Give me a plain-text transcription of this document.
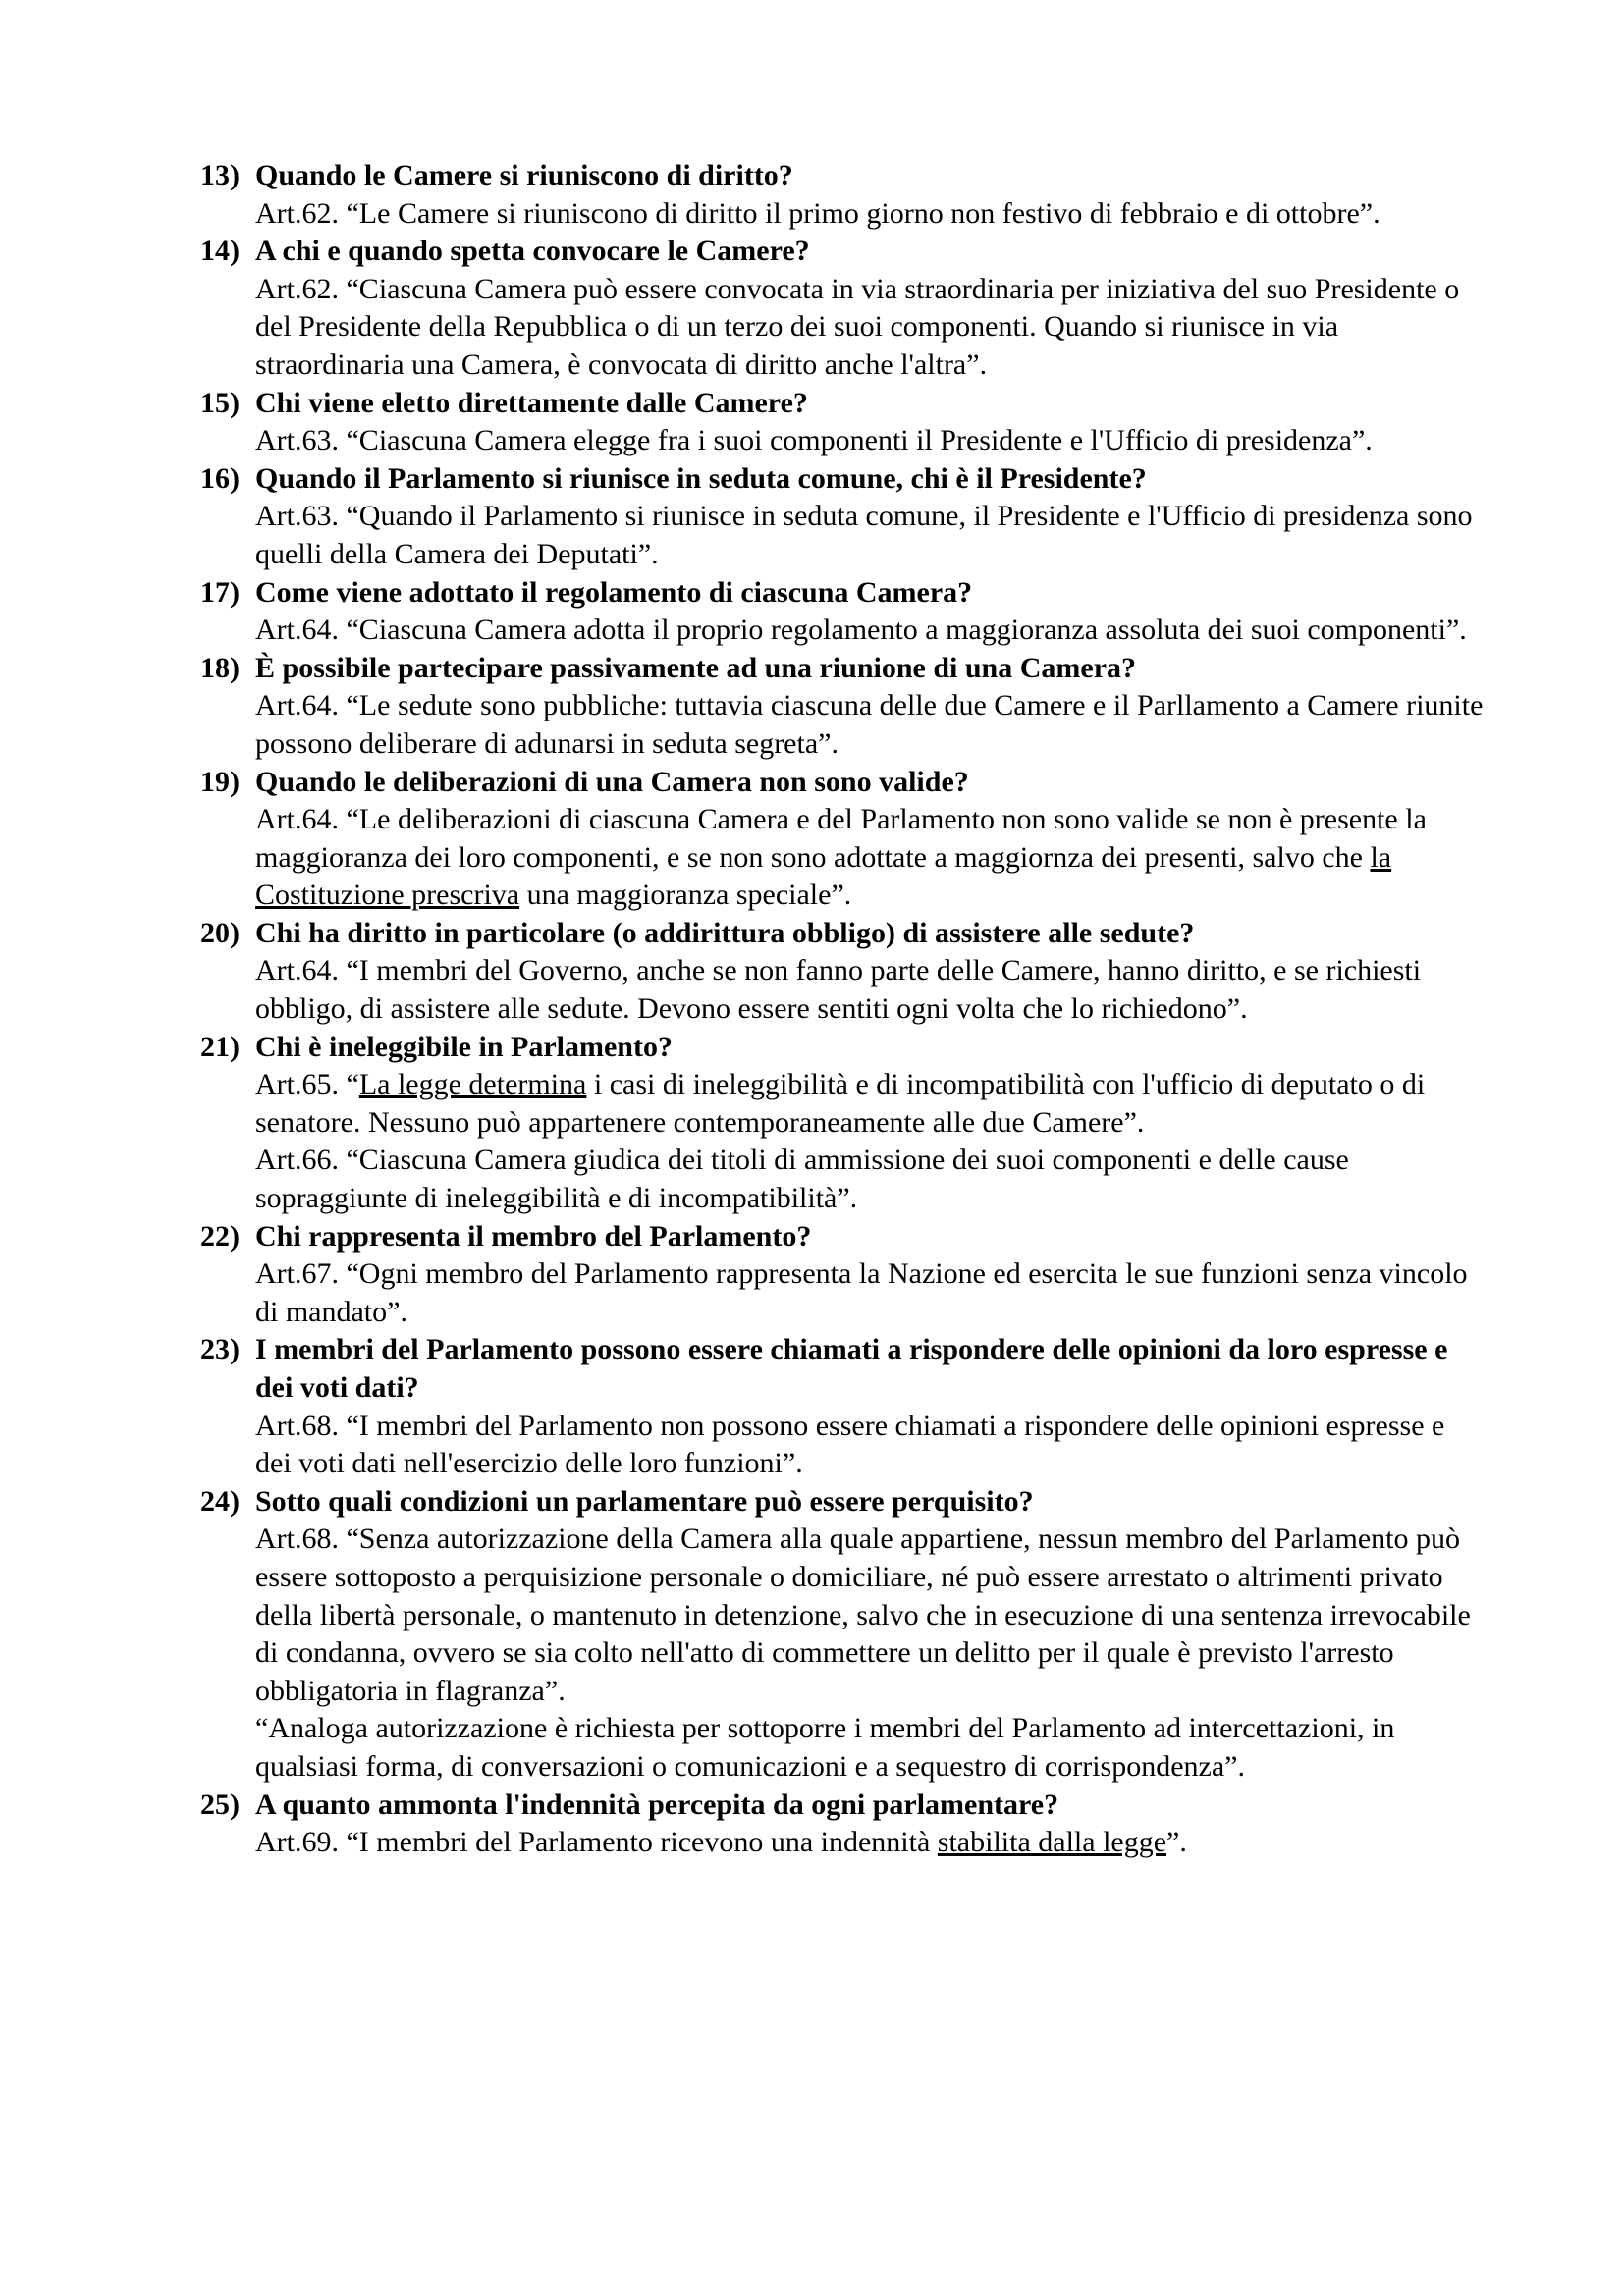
13) Quando le Camere si riuniscono di diritto?
Art.62. “Le Camere si riuniscono di diritto il primo giorno non festivo di febbraio e di ottobre”.
14) A chi e quando spetta convocare le Camere?
Art.62. “Ciascuna Camera può essere convocata in via straordinaria per iniziativa del suo Presidente o del Presidente della Repubblica o di un terzo dei suoi componenti. Quando si riunisce in via straordinaria una Camera, è convocata di diritto anche l'altra”.
15) Chi viene eletto direttamente dalle Camere?
Art.63. “Ciascuna Camera elegge fra i suoi componenti il Presidente e l'Ufficio di presidenza”.
16) Quando il Parlamento si riunisce in seduta comune, chi è il Presidente?
Art.63. “Quando il Parlamento si riunisce in seduta comune, il Presidente e l'Ufficio di presidenza sono quelli della Camera dei Deputati”.
17) Come viene adottato il regolamento di ciascuna Camera?
Art.64. “Ciascuna Camera adotta il proprio regolamento a maggioranza assoluta dei suoi componenti”.
18) È possibile partecipare passivamente ad una riunione di una Camera?
Art.64. “Le sedute sono pubbliche: tuttavia ciascuna delle due Camere e il Parllamento a Camere riunite possono deliberare di adunarsi in seduta segreta”.
19) Quando le deliberazioni di una Camera non sono valide?
Art.64. “Le deliberazioni di ciascuna Camera e del Parlamento non sono valide se non è presente la maggioranza dei loro componenti, e se non sono adottate a maggiornza dei presenti, salvo che la Costituzione prescriva una maggioranza speciale”.
20) Chi ha diritto in particolare (o addirittura obbligo) di assistere alle sedute?
Art.64. “I membri del Governo, anche se non fanno parte delle Camere, hanno diritto, e se richiesti obbligo, di assistere alle sedute. Devono essere sentiti ogni volta che lo richiedono”.
21) Chi è ineleggibile in Parlamento?
Art.65. “La legge determina i casi di ineleggibilità e di incompatibilità con l'ufficio di deputato o di senatore. Nessuno può appartenere contemporaneamente alle due Camere”.
Art.66. “Ciascuna Camera giudica dei titoli di ammissione dei suoi componenti e delle cause sopraggiunte di ineleggibilità e di incompatibilità”.
22) Chi rappresenta il membro del Parlamento?
Art.67. “Ogni membro del Parlamento rappresenta la Nazione ed esercita le sue funzioni senza vincolo di mandato”.
23) I membri del Parlamento possono essere chiamati a rispondere delle opinioni da loro espresse e dei voti dati?
Art.68. “I membri del Parlamento non possono essere chiamati a rispondere delle opinioni espresse e dei voti dati nell'esercizio delle loro funzioni”.
24) Sotto quali condizioni un parlamentare può essere perquisito?
Art.68. “Senza autorizzazione della Camera alla quale appartiene, nessun membro del Parlamento può essere sottoposto a perquisizione personale o domiciliare, né può essere arrestato o altrimenti privato della libertà personale, o mantenuto in detenzione, salvo che in esecuzione di una sentenza irrevocabile di condanna, ovvero se sia colto nell'atto di commettere un delitto per il quale è previsto l'arresto obbligatoria in flagranza”.
“Analoga autorizzazione è richiesta per sottoporre i membri del Parlamento ad intercettazioni, in qualsiasi forma, di conversazioni o comunicazioni e a sequestro di corrispondenza”.
25) A quanto ammonta l'indennità percepita da ogni parlamentare?
Art.69. “I membri del Parlamento ricevono una indennità stabilita dalla legge”.
